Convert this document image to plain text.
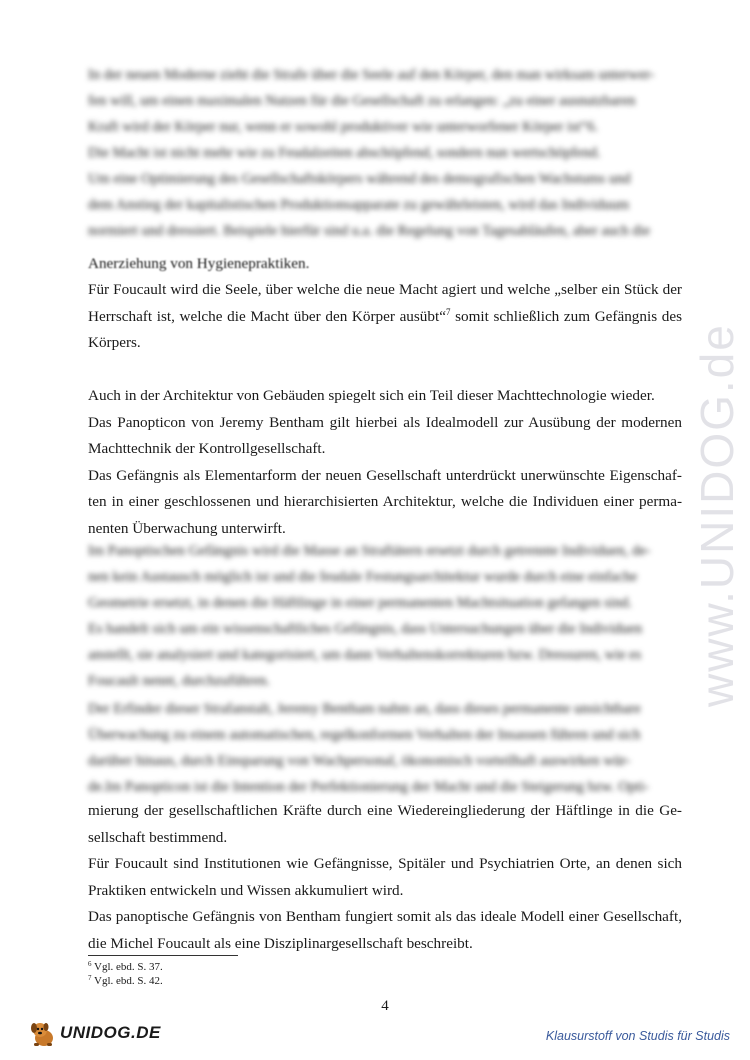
www.UNIDOG.de
In der neuen Moderne zieht die Strafe über die Seele auf den Körper, den man wirksam unterwer-
fen will, um einen maximalen Nutzen für die Gesellschaft zu erlangen: „zu einer ausnutzbaren
Kraft wird der Körper nur, wenn er sowohl produktiver wie unterworfener Körper ist“6.
Die Macht ist nicht mehr wie zu Feudalzeiten abschöpfend, sondern nun wertschöpfend.
Um eine Optimierung des Gesellschaftskörpers während des demografischen Wachstums und
dem Anstieg der kapitalistischen Produktionsapparate zu gewährleisten, wird das Individuum
normiert und dressiert. Beispiele hierfür sind u.a. die Regelung von Tagesabläufen, aber auch die
Anerziehung von Hygienepraktiken.

Für Foucault wird die Seele, über welche die neue Macht agiert und welche „selber ein Stück der Herrschaft ist, welche die Macht über den Körper ausübt“$^7$ somit schließlich zum Gefängnis des Körpers.

Auch in der Architektur von Gebäuden spiegelt sich ein Teil dieser Machttechnologie wieder.
Das Panopticon von Jeremy Bentham gilt hierbei als Idealmodell zur Ausübung der modernen Machttechnik der Kontrollgesellschaft.
Das Gefängnis als Elementarform der neuen Gesellschaft unterdrückt unerwünschte Eigenschaf-ten in einer geschlossenen und hierarchisierten Architektur, welche die Individuen einer perma-nenten Überwachung unterwirft.
Im Panoptischen Gefängnis wird die Masse an Straftätern ersetzt durch getrennte Individuen, de-
nen kein Austausch möglich ist und die feudale Festungsarchitektur wurde durch eine einfache
Geometrie ersetzt, in denen die Häftlinge in einer permanenten Machtsituation gefangen sind.
Es handelt sich um ein wissenschaftliches Gefängnis, dass Untersuchungen über die Individuen
anstellt, sie analysiert und kategorisiert, um dann Verhaltenskorrekturen bzw. Dressuren, wie es
Foucault nennt, durchzuführen.
Der Erfinder dieser Strafanstalt, Jeremy Bentham nahm an, dass dieses permanente unsichtbare
Überwachung zu einem automatischen, regelkonformen Verhalten der Insassen führen und sich
darüber hinaus, durch Einsparung von Wachpersonal, ökonomisch vorteilhaft auswirken wür-
de.Im Panopticon ist die Intention der Perfektionierung der Macht und die Steigerung bzw. Opti-

mierung der gesellschaftlichen Kräfte durch eine Wiedereingliederung der Häftlinge in die Ge-sellschaft bestimmend.

Für Foucault sind Institutionen wie Gefängnisse, Spitäler und Psychiatrien Orte, an denen sich Praktiken entwickeln und Wissen akkumuliert wird.

Das panoptische Gefängnis von Bentham fungiert somit als das ideale Modell einer Gesellschaft, die Michel Foucault als eine Disziplinargesellschaft beschreibt.

$^6$ Vgl. ebd. S. 37.
$^7$ Vgl. ebd. S. 42.
4
UNIDOG.DE	Klausurstoff von Studis für Studis
